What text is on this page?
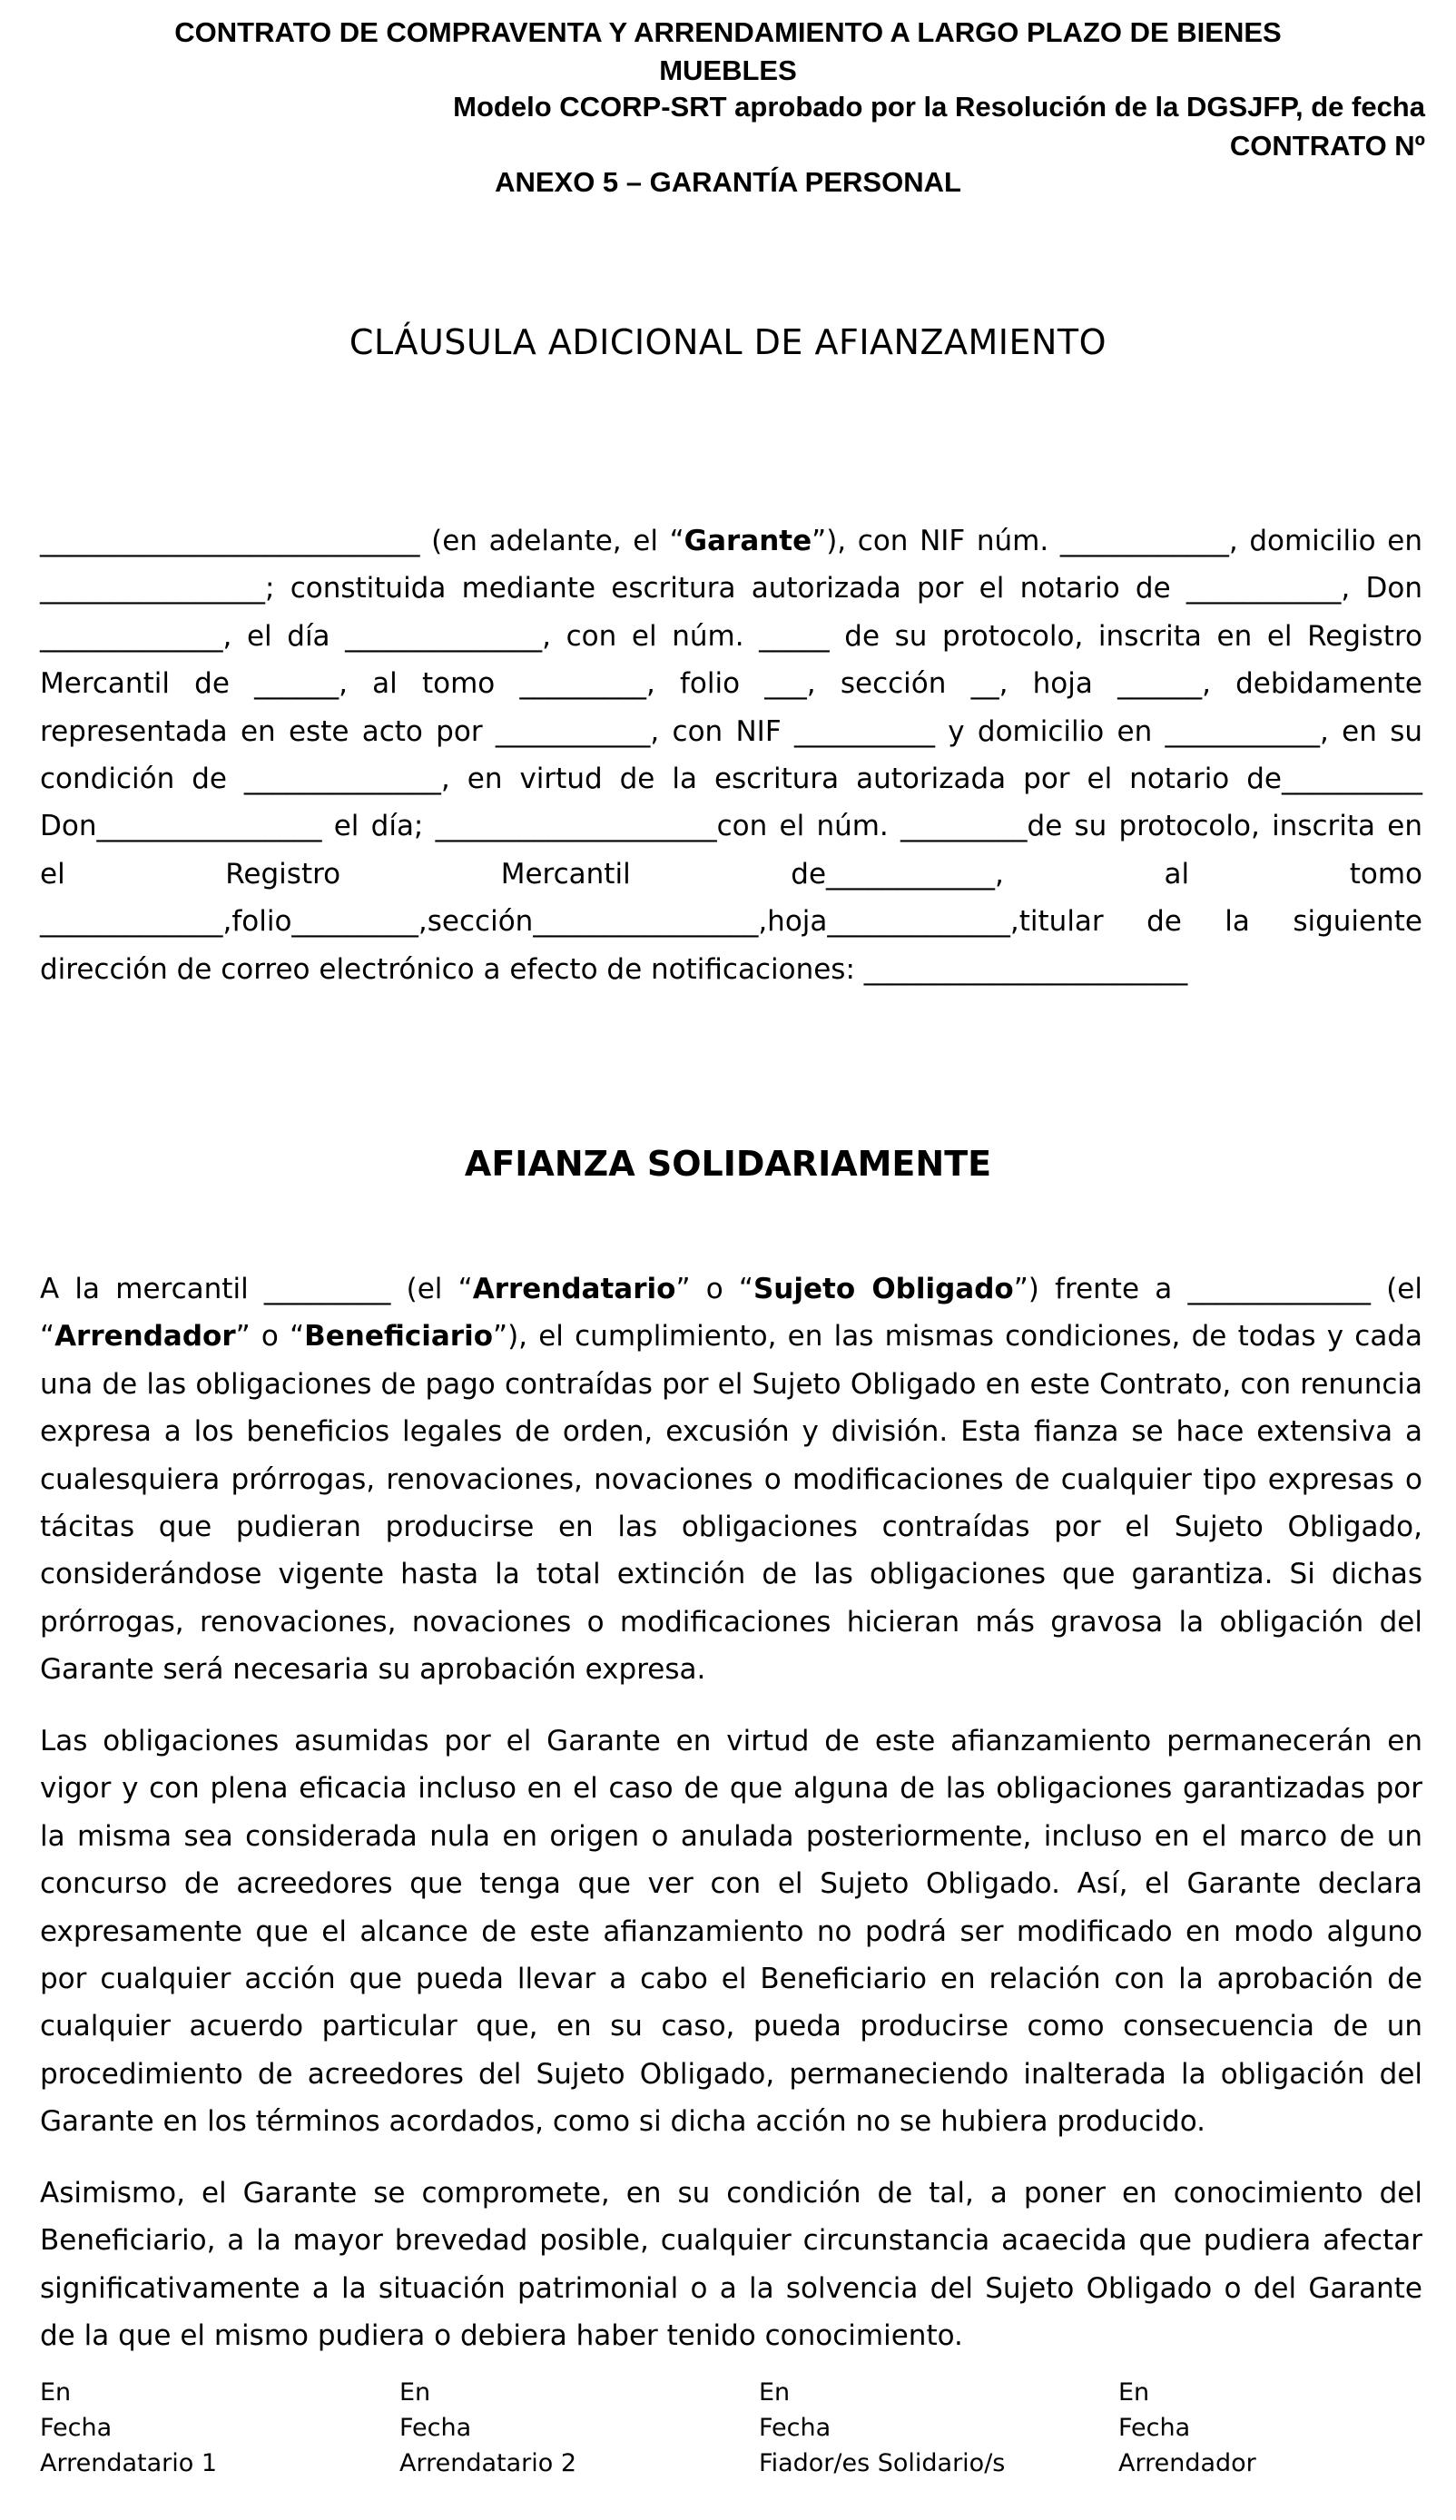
CONTRATO DE COMPRAVENTA Y ARRENDAMIENTO A LARGO PLAZO DE BIENES
MUEBLES
Modelo CCORP-SRT aprobado por la Resolución de la DGSJFP, de fecha
CONTRATO Nº
ANEXO 5 – GARANTÍA PERSONAL
CLÁUSULA ADICIONAL DE AFIANZAMIENTO
___________________________ (en adelante, el “Garante”), con NIF núm. ____________, domicilio en ________________; constituida mediante escritura autorizada por el notario de ___________, Don _____________, el día ______________, con el núm. _____ de su protocolo, inscrita en el Registro Mercantil de ______, al tomo _________, folio ___, sección __, hoja ______, debidamente representada en este acto por ___________, con NIF __________ y domicilio en ___________, en su condición de ______________, en virtud de la escritura autorizada por el notario de__________ Don________________ el día; ____________________con el núm. _________de su protocolo, inscrita en el Registro Mercantil de____________, al tomo _____________,folio_________,sección________________,hoja_____________,titular de la siguiente dirección de correo electrónico a efecto de notificaciones: _______________________
AFIANZA SOLIDARIAMENTE
A la mercantil _________ (el “Arrendatario” o “Sujeto Obligado”) frente a _____________ (el “Arrendador” o “Beneficiario”), el cumplimiento, en las mismas condiciones, de todas y cada una de las obligaciones de pago contraídas por el Sujeto Obligado en este Contrato, con renuncia expresa a los beneficios legales de orden, excusión y división. Esta fianza se hace extensiva a cualesquiera prórrogas, renovaciones, novaciones o modificaciones de cualquier tipo expresas o tácitas que pudieran producirse en las obligaciones contraídas por el Sujeto Obligado, considerándose vigente hasta la total extinción de las obligaciones que garantiza. Si dichas prórrogas, renovaciones, novaciones o modificaciones hicieran más gravosa la obligación del Garante será necesaria su aprobación expresa.
Las obligaciones asumidas por el Garante en virtud de este afianzamiento permanecerán en vigor y con plena eficacia incluso en el caso de que alguna de las obligaciones garantizadas por la misma sea considerada nula en origen o anulada posteriormente, incluso en el marco de un concurso de acreedores que tenga que ver con el Sujeto Obligado. Así, el Garante declara expresamente que el alcance de este afianzamiento no podrá ser modificado en modo alguno por cualquier acción que pueda llevar a cabo el Beneficiario en relación con la aprobación de cualquier acuerdo particular que, en su caso, pueda producirse como consecuencia de un procedimiento de acreedores del Sujeto Obligado, permaneciendo inalterada la obligación del Garante en los términos acordados, como si dicha acción no se hubiera producido.
Asimismo, el Garante se compromete, en su condición de tal, a poner en conocimiento del Beneficiario, a la mayor brevedad posible, cualquier circunstancia acaecida que pudiera afectar significativamente a la situación patrimonial o a la solvencia del Sujeto Obligado o del Garante de la que el mismo pudiera o debiera haber tenido conocimiento.
En
Fecha
Arrendatario 1
En
Fecha
Arrendatario 2
En
Fecha
Fiador/es Solidario/s
En
Fecha
Arrendador
